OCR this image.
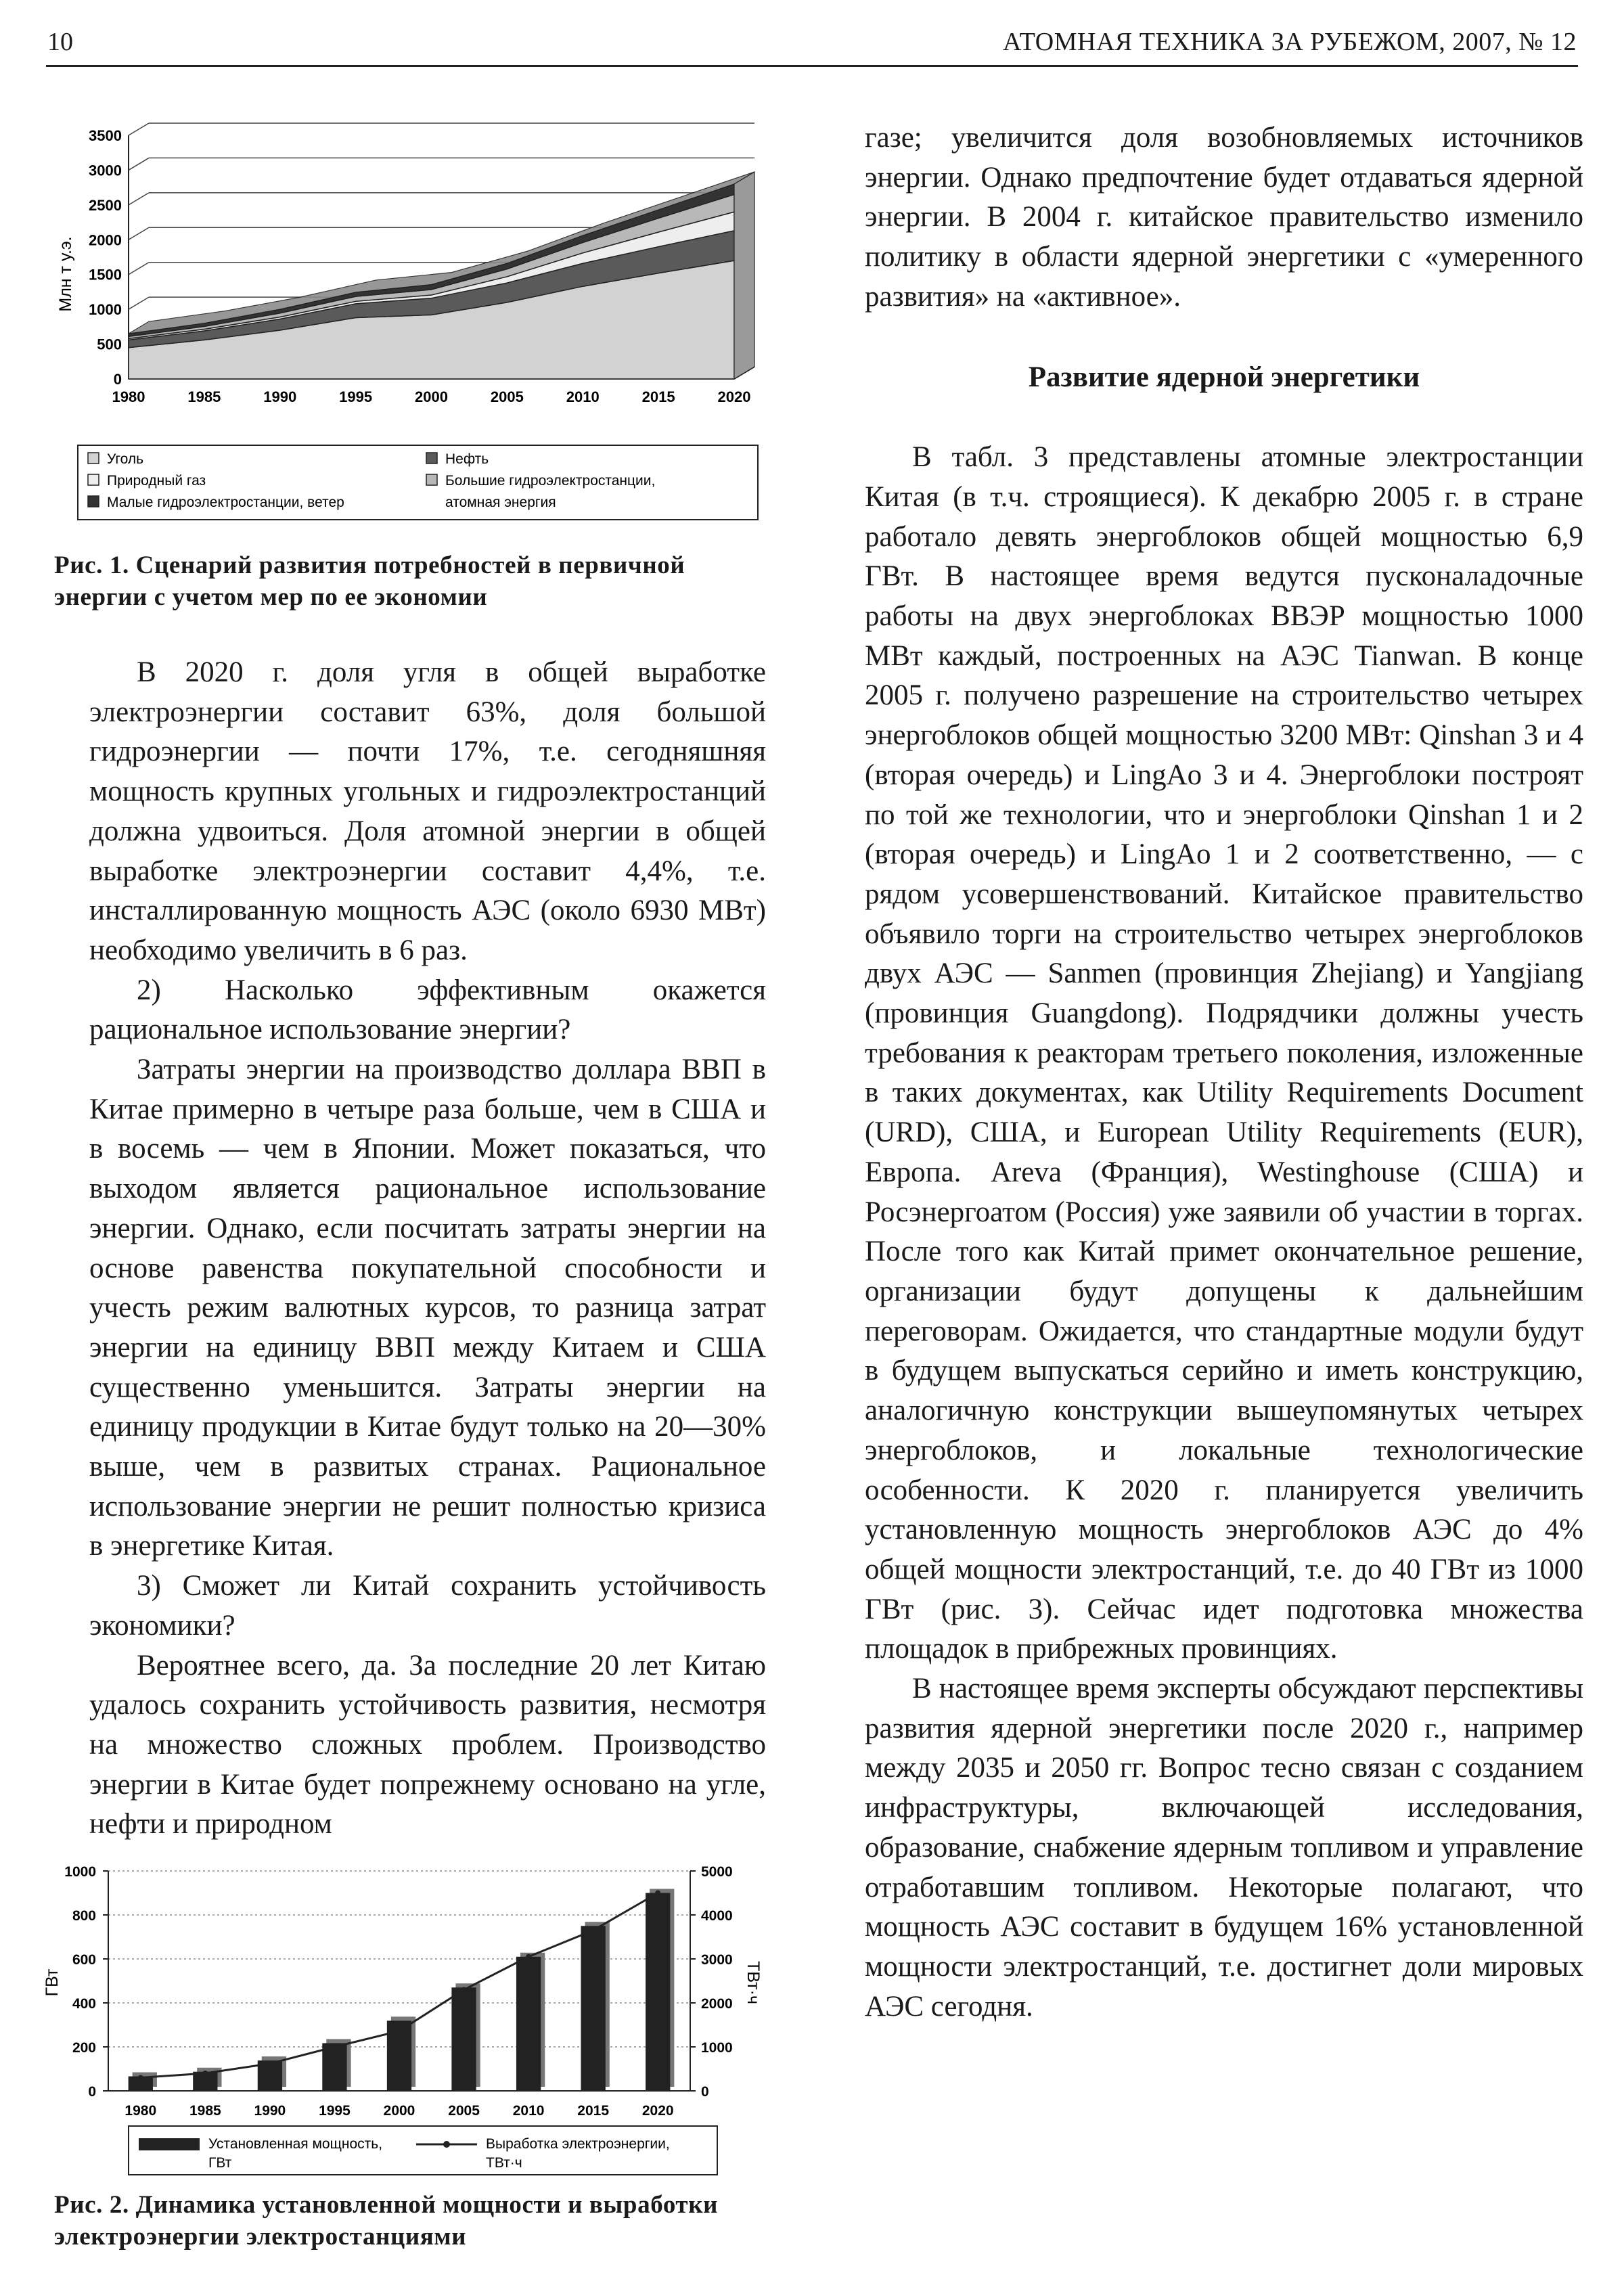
10	АТОМНАЯ ТЕХНИКА ЗА РУБЕЖОМ, 2007, № 12
0
500
1000
1500
2000
2500
3000
3500
1980	1985	1990	1995	2000	2005	2010	2015	2020
Млн т у.э.
Уголь	Нефть
Природный газ	Большие гидроэлектростанции, атомная энергия
Малые гидроэлектростанции, ветер
Рис. 1. Сценарий развития потребностей в первичной энергии с учетом мер по ее экономии

В 2020 г. доля угля в общей выработке электроэнергии составит 63%, доля большой гидроэнергии — почти 17%, т.е. сегодняшняя мощность крупных угольных и гидроэлектростанций должна удвоиться. Доля атомной энергии в общей выработке электроэнергии составит 4,4%, т.е. инсталлированную мощность АЭС (около 6930 МВт) необходимо увеличить в 6 раз.

2) Насколько эффективным окажется рациональное использование энергии?

Затраты энергии на производство доллара ВВП в Китае примерно в четыре раза больше, чем в США и в восемь — чем в Японии. Может показаться, что выходом является рациональное использование энергии. Однако, если посчитать затраты энергии на основе равенства покупательной способности и учесть режим валютных курсов, то разница затрат энергии на единицу ВВП между Китаем и США существенно уменьшится. Затраты энергии на единицу продукции в Китае будут только на 20—30% выше, чем в развитых странах. Рациональное использование энергии не решит полностью кризиса в энергетике Китая.

3) Сможет ли Китай сохранить устойчивость экономики?

Вероятнее всего, да. За последние 20 лет Китаю удалось сохранить устойчивость развития, несмотря на множество сложных проблем. Производство энергии в Китае будет попрежнему основано на угле, нефти и природном

0
200
400
600
800
1000
0
1000
2000
3000
4000
5000
1980 1985 1990 1995 2000 2005 2010 2015 2020
ГВт	ТВт·ч
Установленная мощность,
ГВт
Выработка электроэнергии,
ТВт·ч
Рис. 2. Динамика установленной мощности и выработки электроэнергии электростанциями

газе; увеличится доля возобновляемых источников энергии. Однако предпочтение будет отдаваться ядерной энергии. В 2004 г. китайское правительство изменило политику в области ядерной энергетики с «умеренного развития» на «активное».

Развитие ядерной энергетики

В табл. 3 представлены атомные электростанции Китая (в т.ч. строящиеся). К декабрю 2005 г. в стране работало девять энергоблоков общей мощностью 6,9 ГВт. В настоящее время ведутся пусконаладочные работы на двух энергоблоках ВВЭР мощностью 1000 МВт каждый, построенных на АЭС Tianwan. В конце 2005 г. получено разрешение на строительство четырех энергоблоков общей мощностью 3200 МВт: Qinshan 3 и 4 (вторая очередь) и LingAo 3 и 4. Энергоблоки построят по той же технологии, что и энергоблоки Qinshan 1 и 2 (вторая очередь) и LingAo 1 и 2 соответственно, — с рядом усовершенствований. Китайское правительство объявило торги на строительство четырех энергоблоков двух АЭС — Sanmen (провинция Zhejiang) и Yangjiang (провинция Guangdong). Подрядчики должны учесть требования к реакторам третьего поколения, изложенные в таких документах, как Utility Requirements Document (URD), США, и European Utility Requirements (EUR), Европа. Areva (Франция), Westinghouse (США) и Росэнергоатом (Россия) уже заявили об участии в торгах. После того как Китай примет окончательное решение, организации будут допущены к дальнейшим переговорам. Ожидается, что стандартные модули будут в будущем выпускаться серийно и иметь конструкцию, аналогичную конструкции вышеупомянутых четырех энергоблоков, и локальные технологические особенности. К 2020 г. планируется увеличить установленную мощность энергоблоков АЭС до 4% общей мощности электростанций, т.е. до 40 ГВт из 1000 ГВт (рис. 3). Сейчас идет подготовка множества площадок в прибрежных провинциях.

В настоящее время эксперты обсуждают перспективы развития ядерной энергетики после 2020 г., например между 2035 и 2050 гг. Вопрос тесно связан с созданием инфраструктуры, включающей исследования, образование, снабжение ядерным топливом и управление отработавшим топливом. Некоторые полагают, что мощность АЭС составит в будущем 16% установленной мощности электростанций, т.е. достигнет доли мировых АЭС сегодня.
